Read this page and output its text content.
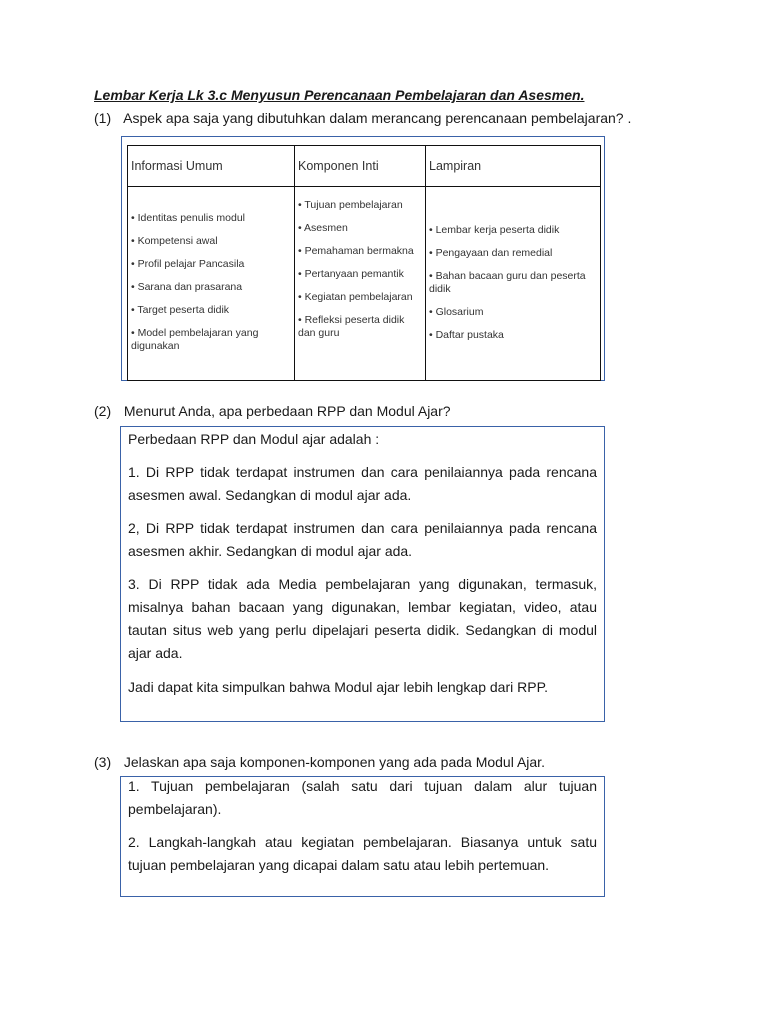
Lembar Kerja Lk 3.c Menyusun Perencanaan Pembelajaran dan Asesmen.
(1) Aspek apa saja yang dibutuhkan dalam merancang perencanaan pembelajaran? .
Informasi Umum
• Identitas penulis modul
• Kompetensi awal
• Profil pelajar Pancasila
• Sarana dan prasarana
• Target peserta didik
• Model pembelajaran yang digunakan
Komponen Inti
• Tujuan pembelajaran
• Asesmen
• Pemahaman bermakna
• Pertanyaan pemantik
• Kegiatan pembelajaran
• Refleksi peserta didik dan guru
Lampiran
• Lembar kerja peserta didik
• Pengayaan dan remedial
• Bahan bacaan guru dan peserta didik
• Glosarium
• Daftar pustaka
(2) Menurut Anda, apa perbedaan RPP dan Modul Ajar?

Perbedaan RPP dan Modul ajar adalah :

1. Di RPP tidak terdapat instrumen dan cara penilaiannya pada rencana asesmen awal. Sedangkan di modul ajar ada.

2, Di RPP tidak terdapat instrumen dan cara penilaiannya pada rencana asesmen akhir. Sedangkan di modul ajar ada.

3. Di RPP tidak ada Media pembelajaran yang digunakan, termasuk, misalnya bahan bacaan yang digunakan, lembar kegiatan, video, atau tautan situs web yang perlu dipelajari peserta didik. Sedangkan di modul ajar ada.

Jadi dapat kita simpulkan bahwa Modul ajar lebih lengkap dari RPP.

(3) Jelaskan apa saja komponen-komponen yang ada pada Modul Ajar.

1. Tujuan pembelajaran (salah satu dari tujuan dalam alur tujuan pembelajaran).

2. Langkah-langkah atau kegiatan pembelajaran. Biasanya untuk satu tujuan pembelajaran yang dicapai dalam satu atau lebih pertemuan.
